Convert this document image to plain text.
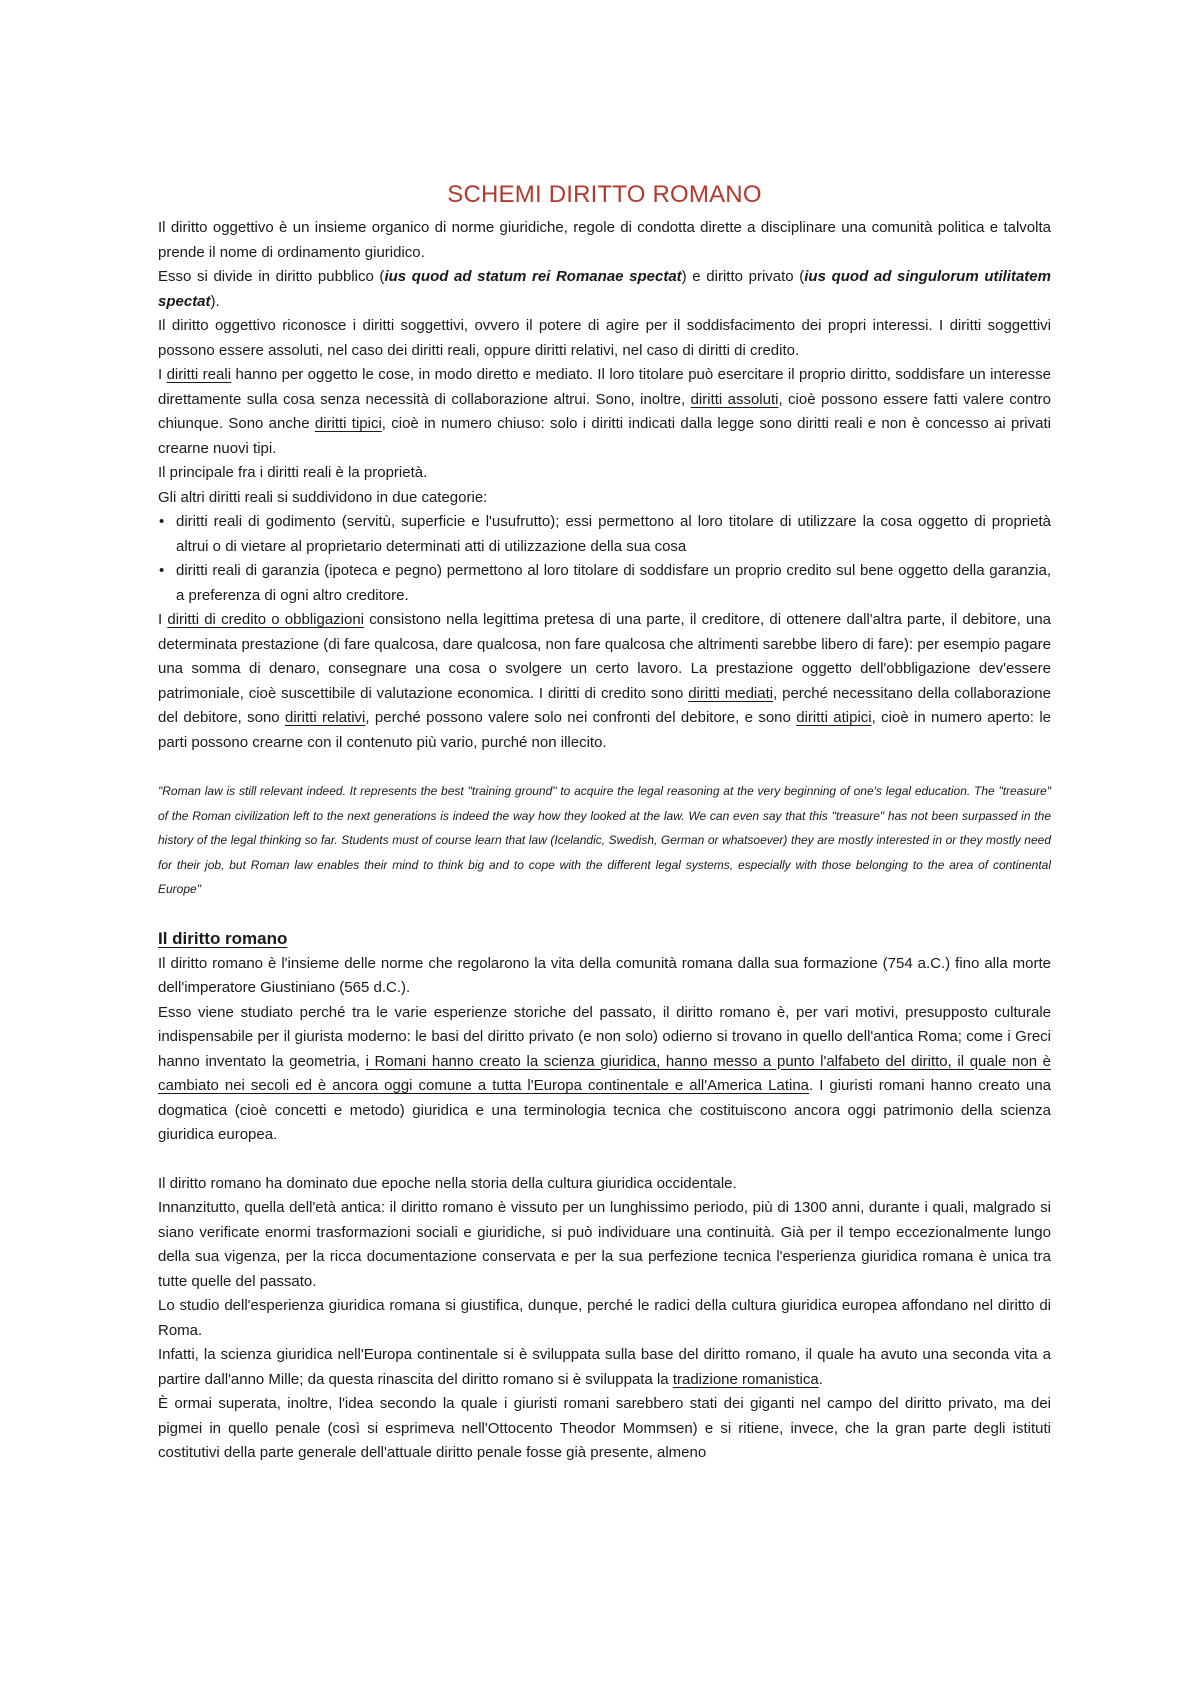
SCHEMI DIRITTO ROMANO

Il diritto oggettivo è un insieme organico di norme giuridiche, regole di condotta dirette a disciplinare una comunità politica e talvolta prende il nome di ordinamento giuridico.

Esso si divide in diritto pubblico (ius quod ad statum rei Romanae spectat) e diritto privato (ius quod ad singulorum utilitatem spectat).

Il diritto oggettivo riconosce i diritti soggettivi, ovvero il potere di agire per il soddisfacimento dei propri interessi. I diritti soggettivi possono essere assoluti, nel caso dei diritti reali, oppure diritti relativi, nel caso di diritti di credito.

I diritti reali hanno per oggetto le cose, in modo diretto e mediato. Il loro titolare può esercitare il proprio diritto, soddisfare un interesse direttamente sulla cosa senza necessità di collaborazione altrui. Sono, inoltre, diritti assoluti, cioè possono essere fatti valere contro chiunque. Sono anche diritti tipici, cioè in numero chiuso: solo i diritti indicati dalla legge sono diritti reali e non è concesso ai privati crearne nuovi tipi.

Il principale fra i diritti reali è la proprietà.

Gli altri diritti reali si suddividono in due categorie:

• diritti reali di godimento (servitù, superficie e l'usufrutto); essi permettono al loro titolare di utilizzare la cosa oggetto di proprietà altrui o di vietare al proprietario determinati atti di utilizzazione della sua cosa
• diritti reali di garanzia (ipoteca e pegno) permettono al loro titolare di soddisfare un proprio credito sul bene oggetto della garanzia, a preferenza di ogni altro creditore.

I diritti di credito o obbligazioni consistono nella legittima pretesa di una parte, il creditore, di ottenere dall'altra parte, il debitore, una determinata prestazione (di fare qualcosa, dare qualcosa, non fare qualcosa che altrimenti sarebbe libero di fare): per esempio pagare una somma di denaro, consegnare una cosa o svolgere un certo lavoro. La prestazione oggetto dell'obbligazione dev'essere patrimoniale, cioè suscettibile di valutazione economica. I diritti di credito sono diritti mediati, perché necessitano della collaborazione del debitore, sono diritti relativi, perché possono valere solo nei confronti del debitore, e sono diritti atipici, cioè in numero aperto: le parti possono crearne con il contenuto più vario, purché non illecito.

"Roman law is still relevant indeed. It represents the best "training ground" to acquire the legal reasoning at the very beginning of one's legal education. The "treasure" of the Roman civilization left to the next generations is indeed the way how they looked at the law. We can even say that this "treasure" has not been surpassed in the history of the legal thinking so far. Students must of course learn that law (Icelandic, Swedish, German or whatsoever) they are mostly interested in or they mostly need for their job, but Roman law enables their mind to think big and to cope with the different legal systems, especially with those belonging to the area of continental Europe"

Il diritto romano

Il diritto romano è l'insieme delle norme che regolarono la vita della comunità romana dalla sua formazione (754 a.C.) fino alla morte dell'imperatore Giustiniano (565 d.C.).

Esso viene studiato perché tra le varie esperienze storiche del passato, il diritto romano è, per vari motivi, presupposto culturale indispensabile per il giurista moderno: le basi del diritto privato (e non solo) odierno si trovano in quello dell'antica Roma; come i Greci hanno inventato la geometria, i Romani hanno creato la scienza giuridica, hanno messo a punto l'alfabeto del diritto, il quale non è cambiato nei secoli ed è ancora oggi comune a tutta l'Europa continentale e all'America Latina. I giuristi romani hanno creato una dogmatica (cioè concetti e metodo) giuridica e una terminologia tecnica che costituiscono ancora oggi patrimonio della scienza giuridica europea.

Il diritto romano ha dominato due epoche nella storia della cultura giuridica occidentale.

Innanzitutto, quella dell'età antica: il diritto romano è vissuto per un lunghissimo periodo, più di 1300 anni, durante i quali, malgrado si siano verificate enormi trasformazioni sociali e giuridiche, si può individuare una continuità. Già per il tempo eccezionalmente lungo della sua vigenza, per la ricca documentazione conservata e per la sua perfezione tecnica l'esperienza giuridica romana è unica tra tutte quelle del passato.

Lo studio dell'esperienza giuridica romana si giustifica, dunque, perché le radici della cultura giuridica europea affondano nel diritto di Roma.

Infatti, la scienza giuridica nell'Europa continentale si è sviluppata sulla base del diritto romano, il quale ha avuto una seconda vita a partire dall'anno Mille; da questa rinascita del diritto romano si è sviluppata la tradizione romanistica.

È ormai superata, inoltre, l'idea secondo la quale i giuristi romani sarebbero stati dei giganti nel campo del diritto privato, ma dei pigmei in quello penale (così si esprimeva nell'Ottocento Theodor Mommsen) e si ritiene, invece, che la gran parte degli istituti costitutivi della parte generale dell'attuale diritto penale fosse già presente, almeno
